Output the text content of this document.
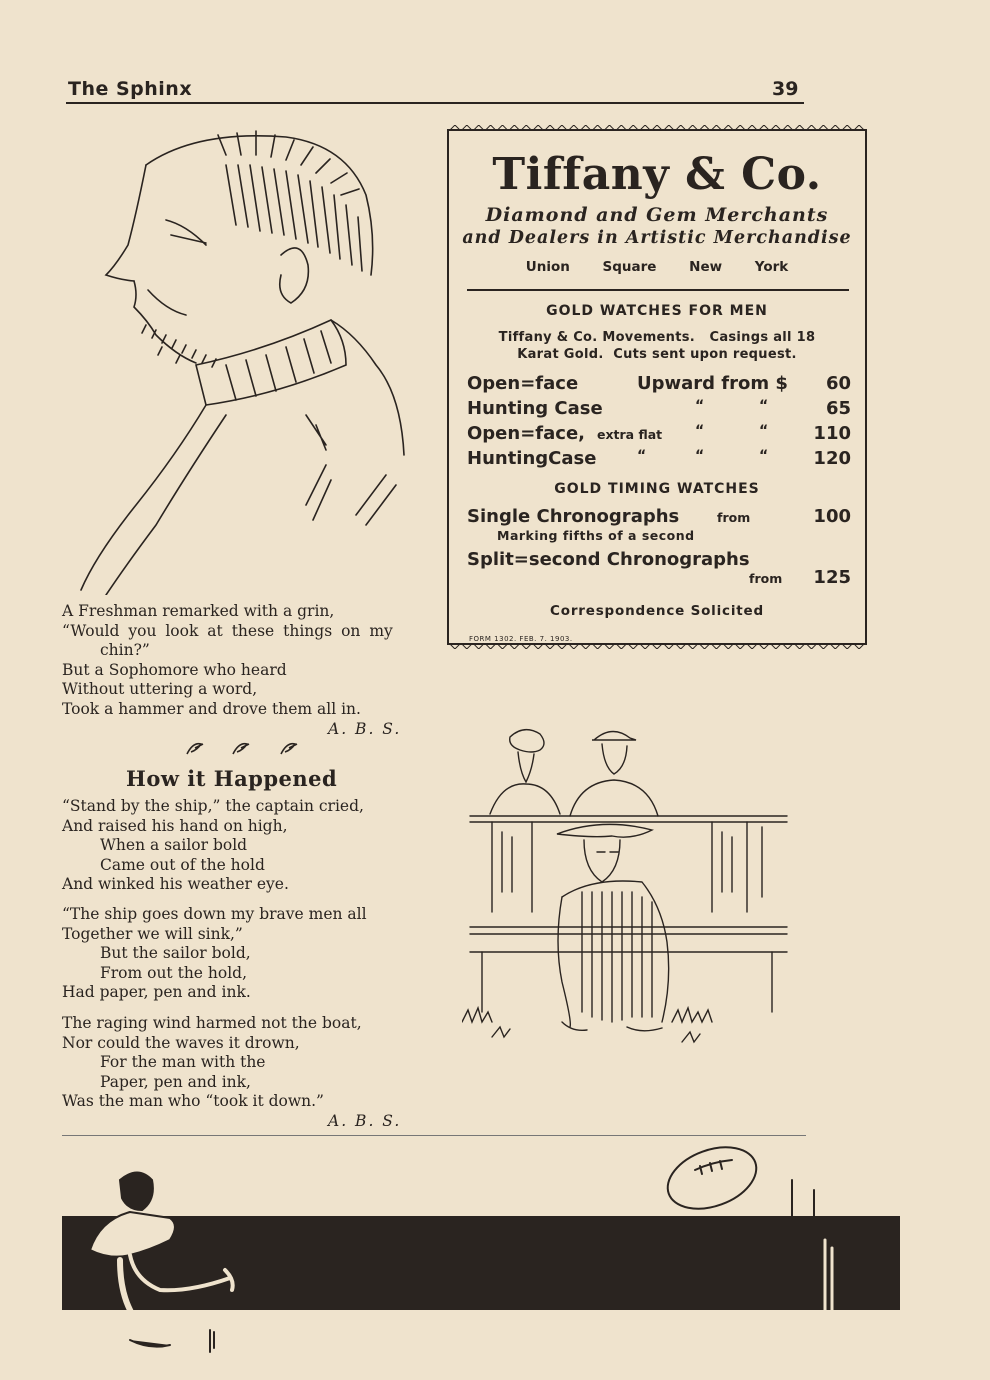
The Sphinx	39
Tiffany & Co.
Diamond and Gem Merchants
and Dealers in Artistic Merchandise
Union Square New York
GOLD WATCHES FOR MEN
Tiffany & Co. Movements.   Casings all 18
Karat Gold.  Cuts sent upon request.
Open=face	Upward from $ 60
Hunting Case	“	“	65
Open=face, extra flat “	“	110
HuntingCase	“	“	“	120
GOLD TIMING WATCHES
Single Chronographs	from	100
Marking fifths of a second
Split=second Chronographs
from 125
Correspondence Solicited
FORM 1302. FEB. 7. 1903.
A Freshman remarked with a grin,
“Would you look at these things on my
chin?”
But a Sophomore who heard
Without uttering a word,
Took a hammer and drove them all in.
A. B. S.
How it Happened
“Stand by the ship,” the captain cried,
And raised his hand on high,
When a sailor bold
Came out of the hold
And winked his weather eye.
“The ship goes down my brave men all
Together we will sink,”
But the sailor bold,
From out the hold,
Had paper, pen and ink.
The raging wind harmed not the boat,
Nor could the waves it drown,
For the man with the
Paper, pen and ink,
Was the man who “took it down.”
A. B. S.
